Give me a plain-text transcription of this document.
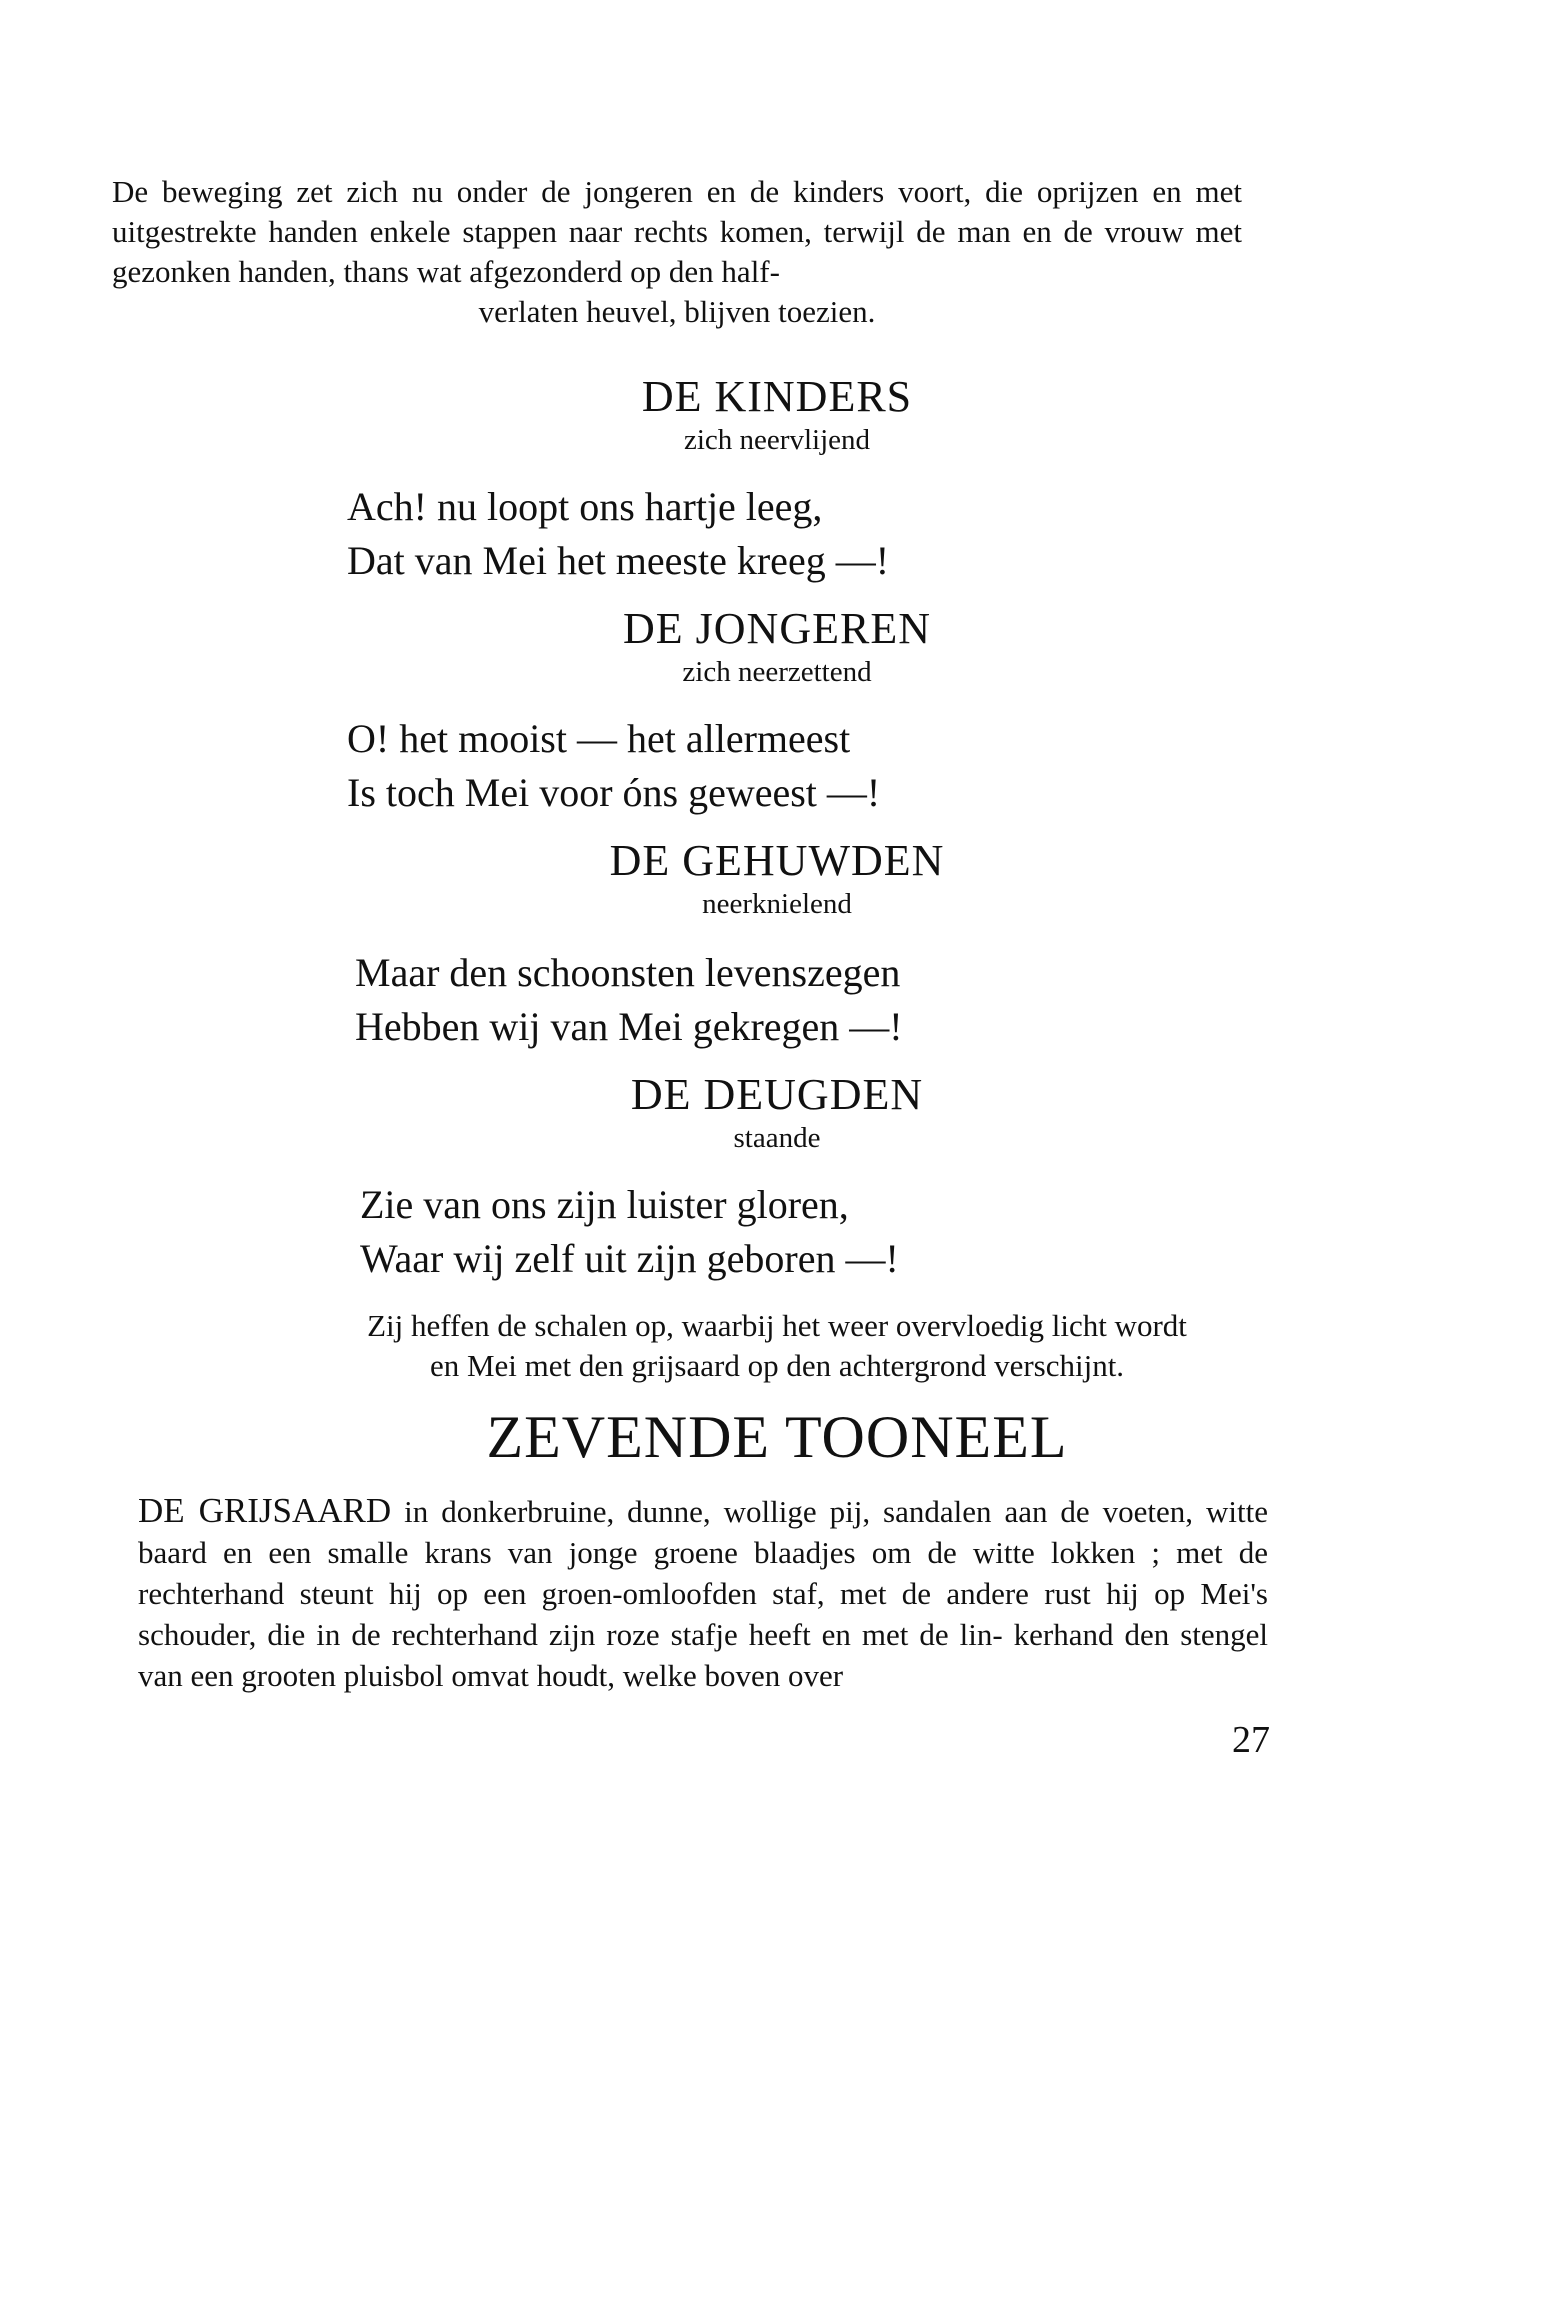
De beweging zet zich nu onder de jongeren en de kinders voort, die oprijzen en met uitgestrekte handen enkele stappen naar rechts komen, terwijl de man en de vrouw met gezonken handen, thans wat afgezonderd op den half-
verlaten heuvel, blijven toezien.
DE KINDERS
zich neervlijend
Ach! nu loopt ons hartje leeg,
Dat van Mei het meeste kreeg —!
DE JONGEREN
zich neerzettend
O! het mooist — het allermeest
Is toch Mei voor óns geweest —!
DE GEHUWDEN
neerknielend
Maar den schoonsten levenszegen
Hebben wij van Mei gekregen —!
DE DEUGDEN
staande
Zie van ons zijn luister gloren,
Waar wij zelf uit zijn geboren —!
Zij heffen de schalen op, waarbij het weer overvloedig licht wordt
en Mei met den grijsaard op den achtergrond verschijnt.
ZEVENDE TOONEEL
DE GRIJSAARD in donkerbruine, dunne, wollige pij, sandalen aan de voeten, witte baard en een smalle krans van jonge groene blaadjes om de witte lokken ; met de rechterhand steunt hij op een groen-omloofden staf, met de andere rust hij op Mei's schouder, die in de rechterhand zijn roze stafje heeft en met de lin- kerhand den stengel van een grooten pluisbol omvat houdt, welke boven over
27
